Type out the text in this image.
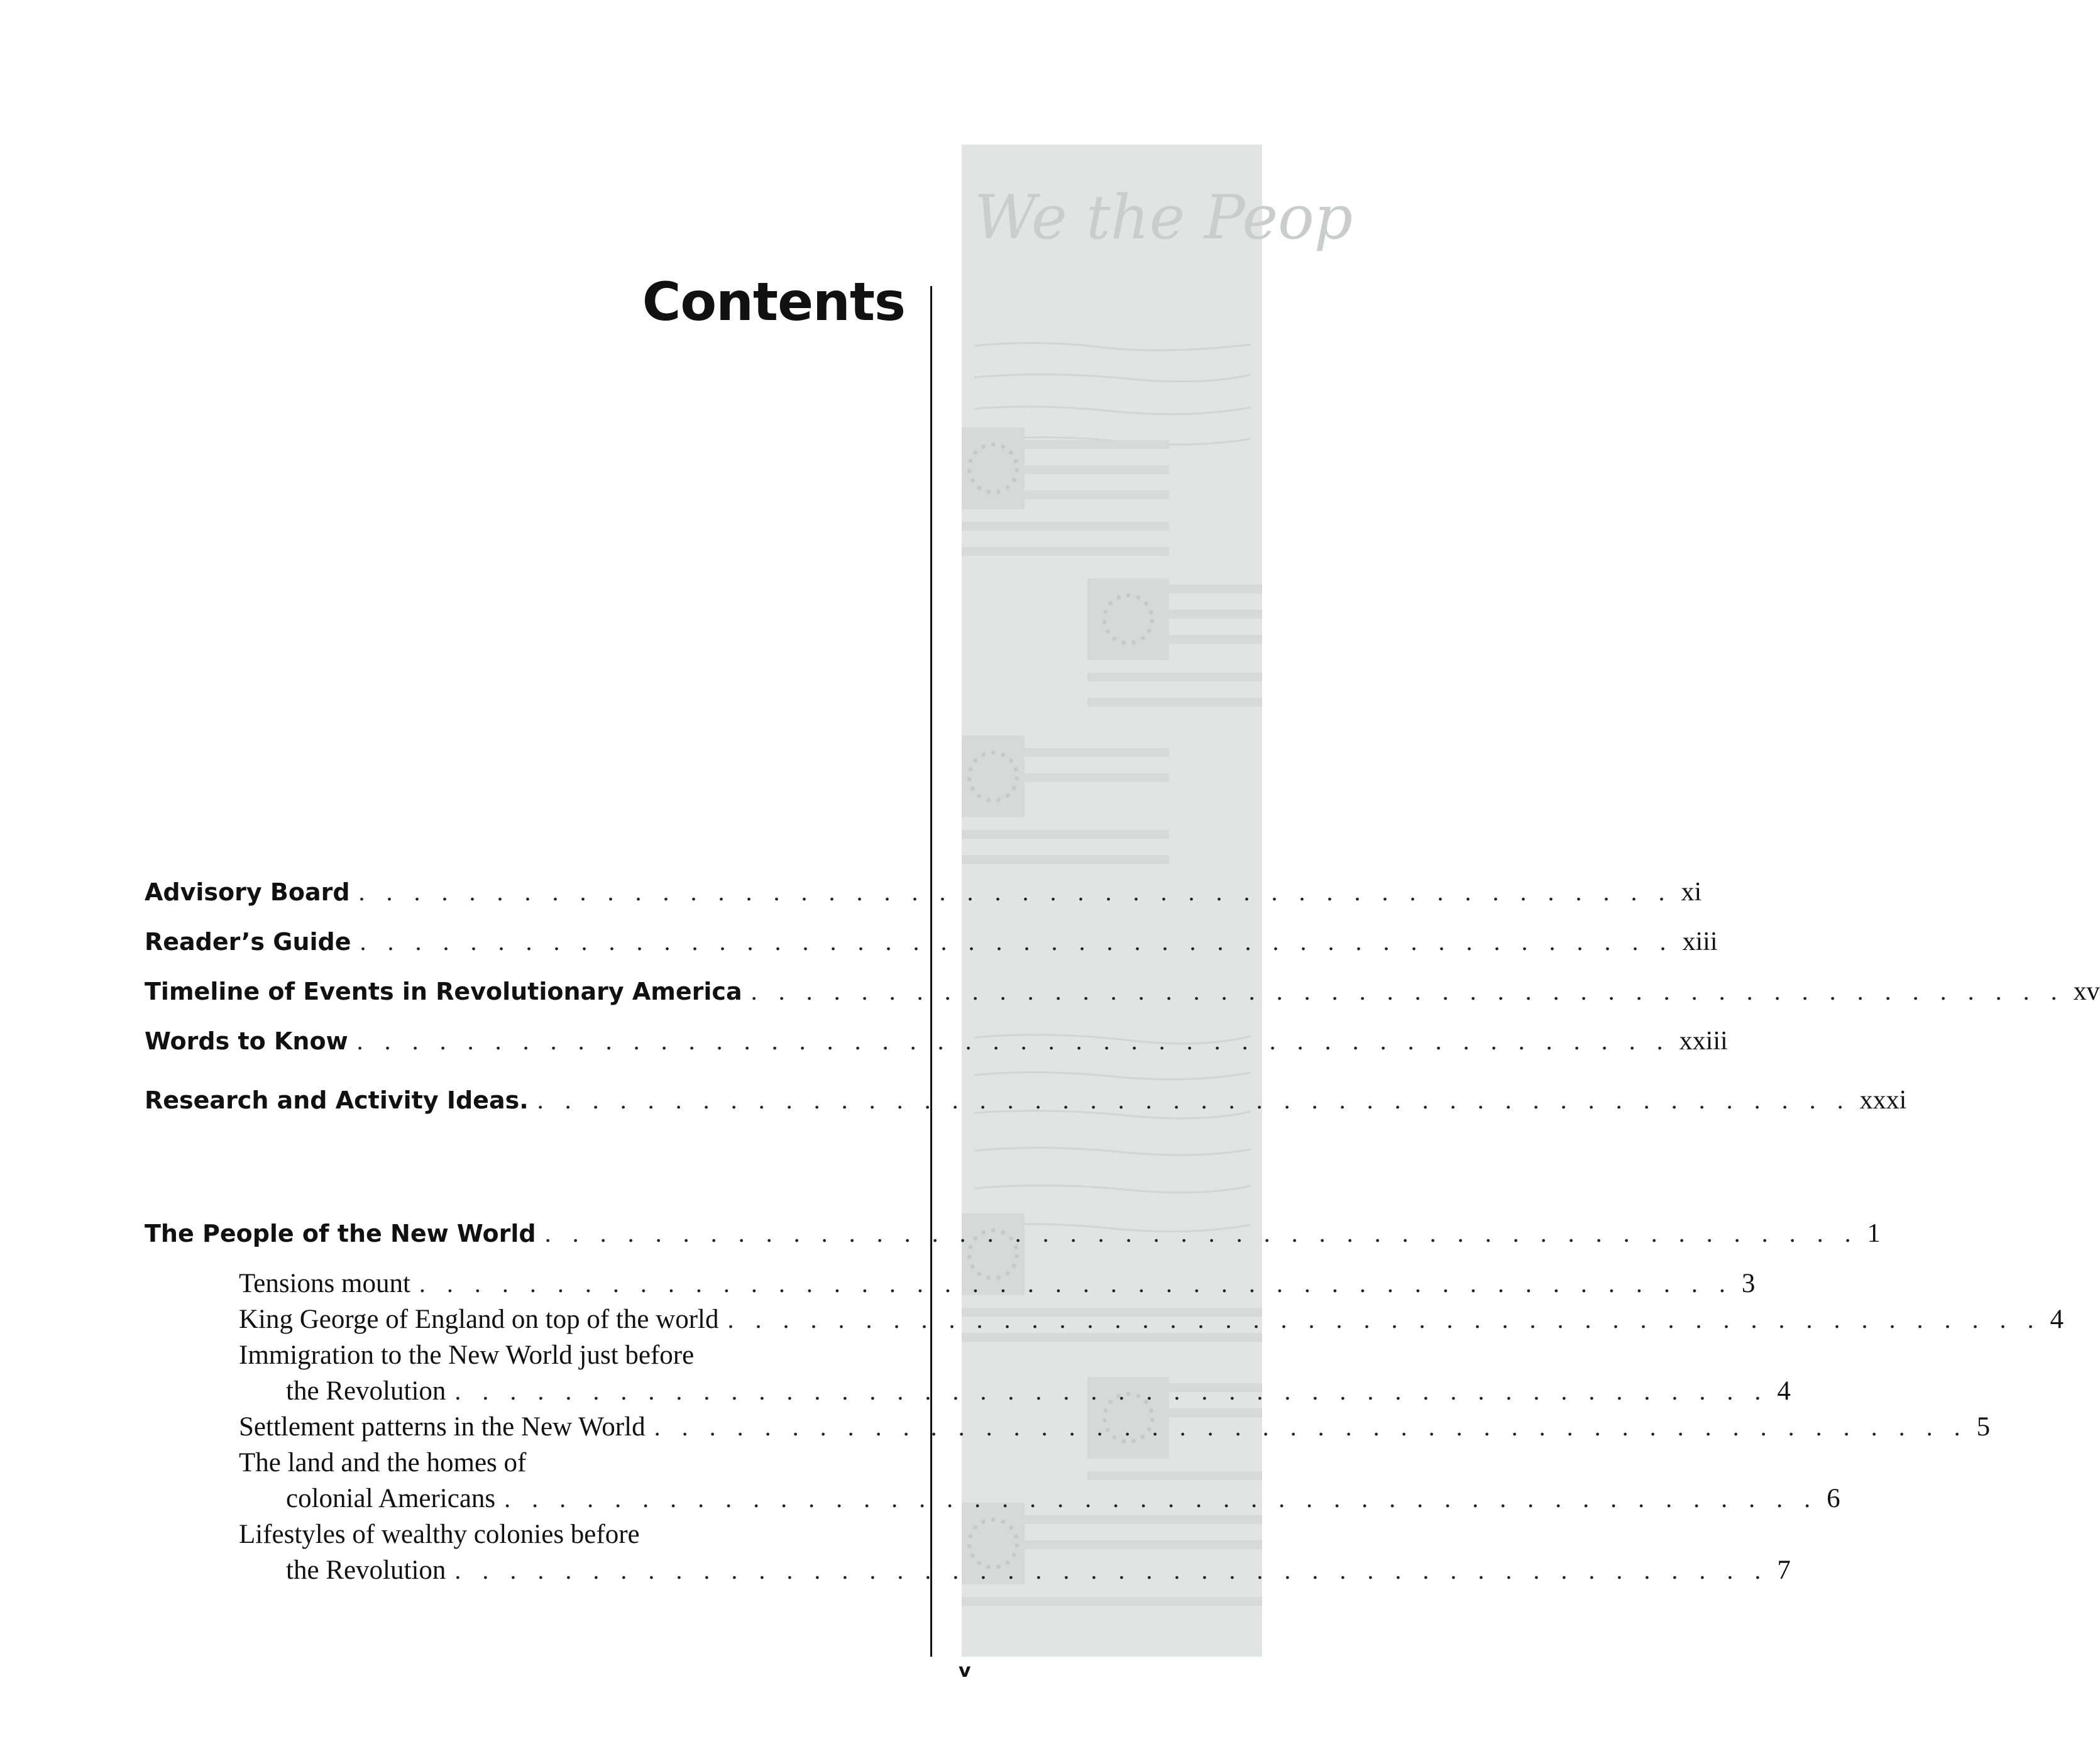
Contents
We the Peop
v
Advisory Board . . .	xi
Reader’s Guide . . .	xiii
Timeline of Events in Revolutionary America . . .	xv
Words to Know . . .	xxiii
Research and Activity Ideas. . . .	xxxi
The People of the New World . . .	1
Tensions mount . . .	3
King George of England on top of the world . . .	4
Immigration to the New World just before
the Revolution . . .	4
Settlement patterns in the New World . . .	5
The land and the homes of
colonial Americans . . .	6
Lifestyles of wealthy colonies before
the Revolution . . .	7
